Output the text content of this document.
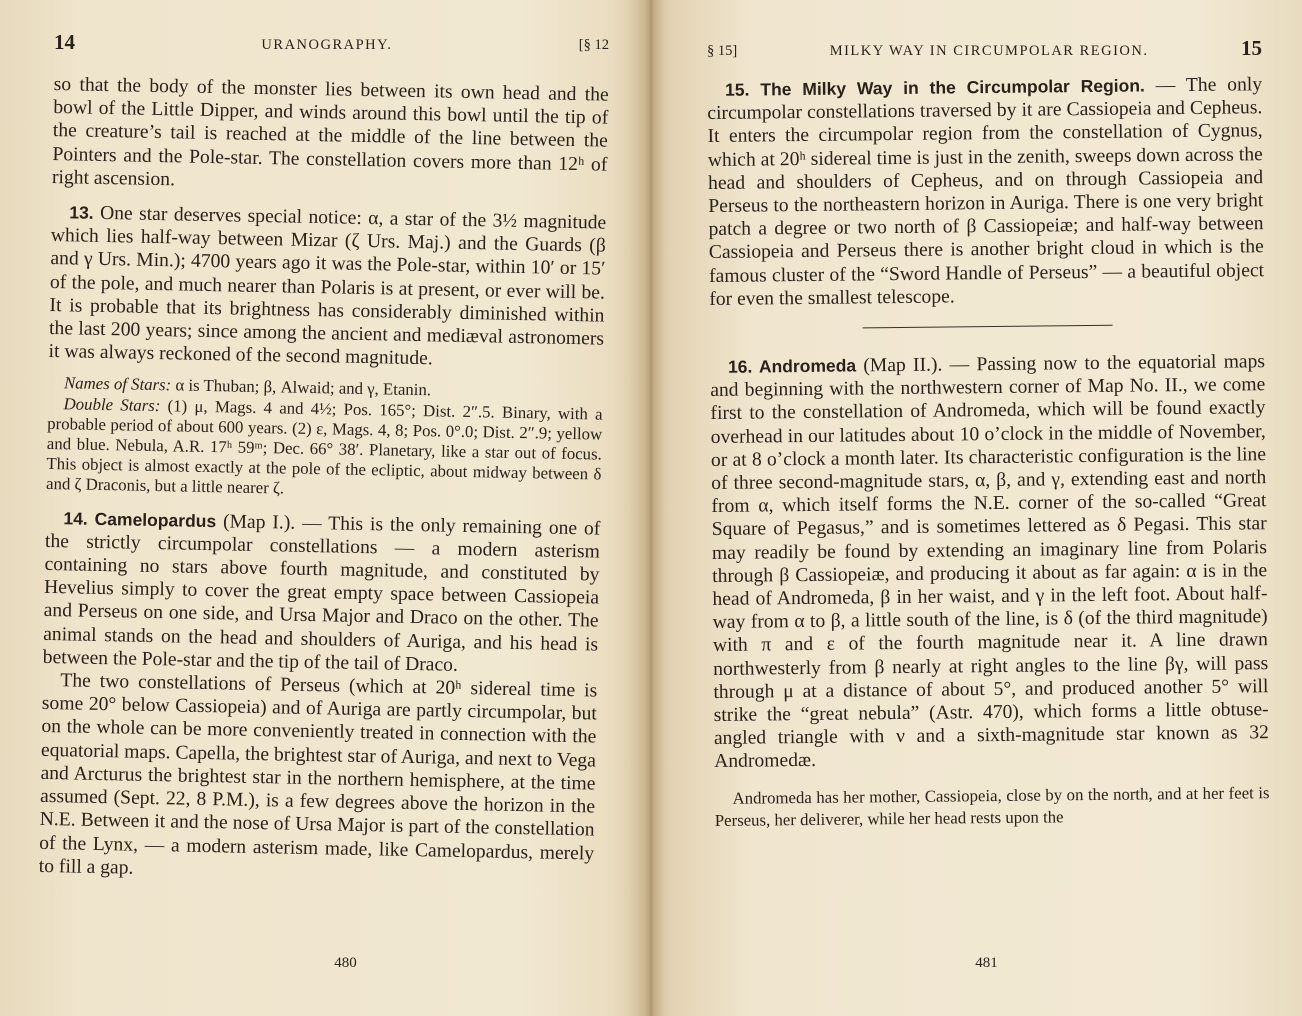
14	URANOGRAPHY.	[§ 12

so that the body of the monster lies between its own head and the bowl of the Little Dipper, and winds around this bowl until the tip of the creature’s tail is reached at the middle of the line between the Pointers and the Pole-star. The constellation covers more than 12ʰ of right ascension.

13. One star deserves special notice: α, a star of the 3½ magnitude which lies half-way between Mizar (ζ Urs. Maj.) and the Guards (β and γ Urs. Min.); 4700 years ago it was the Pole-star, within 10′ or 15′ of the pole, and much nearer than Polaris is at present, or ever will be. It is probable that its brightness has considerably diminished within the last 200 years; since among the ancient and mediæval astronomers it was always reckoned of the second magnitude.

Names of Stars: α is Thuban; β, Alwaid; and γ, Etanin.

Double Stars: (1) μ, Mags. 4 and 4½; Pos. 165°; Dist. 2″.5. Binary, with a probable period of about 600 years. (2) ε, Mags. 4, 8; Pos. 0°.0; Dist. 2″.9; yellow and blue. Nebula, A.R. 17ʰ 59ᵐ; Dec. 66° 38′. Planetary, like a star out of focus. This object is almost exactly at the pole of the ecliptic, about midway between δ and ζ Draconis, but a little nearer ζ.

14. Camelopardus (Map I.). — This is the only remaining one of the strictly circumpolar constellations — a modern asterism containing no stars above fourth magnitude, and constituted by Hevelius simply to cover the great empty space between Cassiopeia and Perseus on one side, and Ursa Major and Draco on the other. The animal stands on the head and shoulders of Auriga, and his head is between the Pole-star and the tip of the tail of Draco.

The two constellations of Perseus (which at 20ʰ sidereal time is some 20° below Cassiopeia) and of Auriga are partly circumpolar, but on the whole can be more conveniently treated in connection with the equatorial maps. Capella, the brightest star of Auriga, and next to Vega and Arcturus the brightest star in the northern hemisphere, at the time assumed (Sept. 22, 8 P.M.), is a few degrees above the horizon in the N.E. Between it and the nose of Ursa Major is part of the constellation of the Lynx, — a modern asterism made, like Camelopardus, merely to fill a gap.

480
§ 15]	MILKY WAY IN CIRCUMPOLAR REGION.	15

15. The Milky Way in the Circumpolar Region. — The only circumpolar constellations traversed by it are Cassiopeia and Cepheus. It enters the circumpolar region from the constellation of Cygnus, which at 20ʰ sidereal time is just in the zenith, sweeps down across the head and shoulders of Cepheus, and on through Cassiopeia and Perseus to the northeastern horizon in Auriga. There is one very bright patch a degree or two north of β Cassiopeiæ; and half-way between Cassiopeia and Perseus there is another bright cloud in which is the famous cluster of the “Sword Handle of Perseus” — a beautiful object for even the smallest telescope.

16. Andromeda (Map II.). — Passing now to the equatorial maps and beginning with the northwestern corner of Map No. II., we come first to the constellation of Andromeda, which will be found exactly overhead in our latitudes about 10 o’clock in the middle of November, or at 8 o’clock a month later. Its characteristic configuration is the line of three second-magnitude stars, α, β, and γ, extending east and north from α, which itself forms the N.E. corner of the so-called “Great Square of Pegasus,” and is sometimes lettered as δ Pegasi. This star may readily be found by extending an imaginary line from Polaris through β Cassiopeiæ, and producing it about as far again: α is in the head of Andromeda, β in her waist, and γ in the left foot. About half-way from α to β, a little south of the line, is δ (of the third magnitude) with π and ε of the fourth magnitude near it. A line drawn northwesterly from β nearly at right angles to the line βγ, will pass through μ at a distance of about 5°, and produced another 5° will strike the “great nebula” (Astr. 470), which forms a little obtuse-angled triangle with ν and a sixth-magnitude star known as 32 Andromedæ.

Andromeda has her mother, Cassiopeia, close by on the north, and at her feet is Perseus, her deliverer, while her head rests upon the

481
